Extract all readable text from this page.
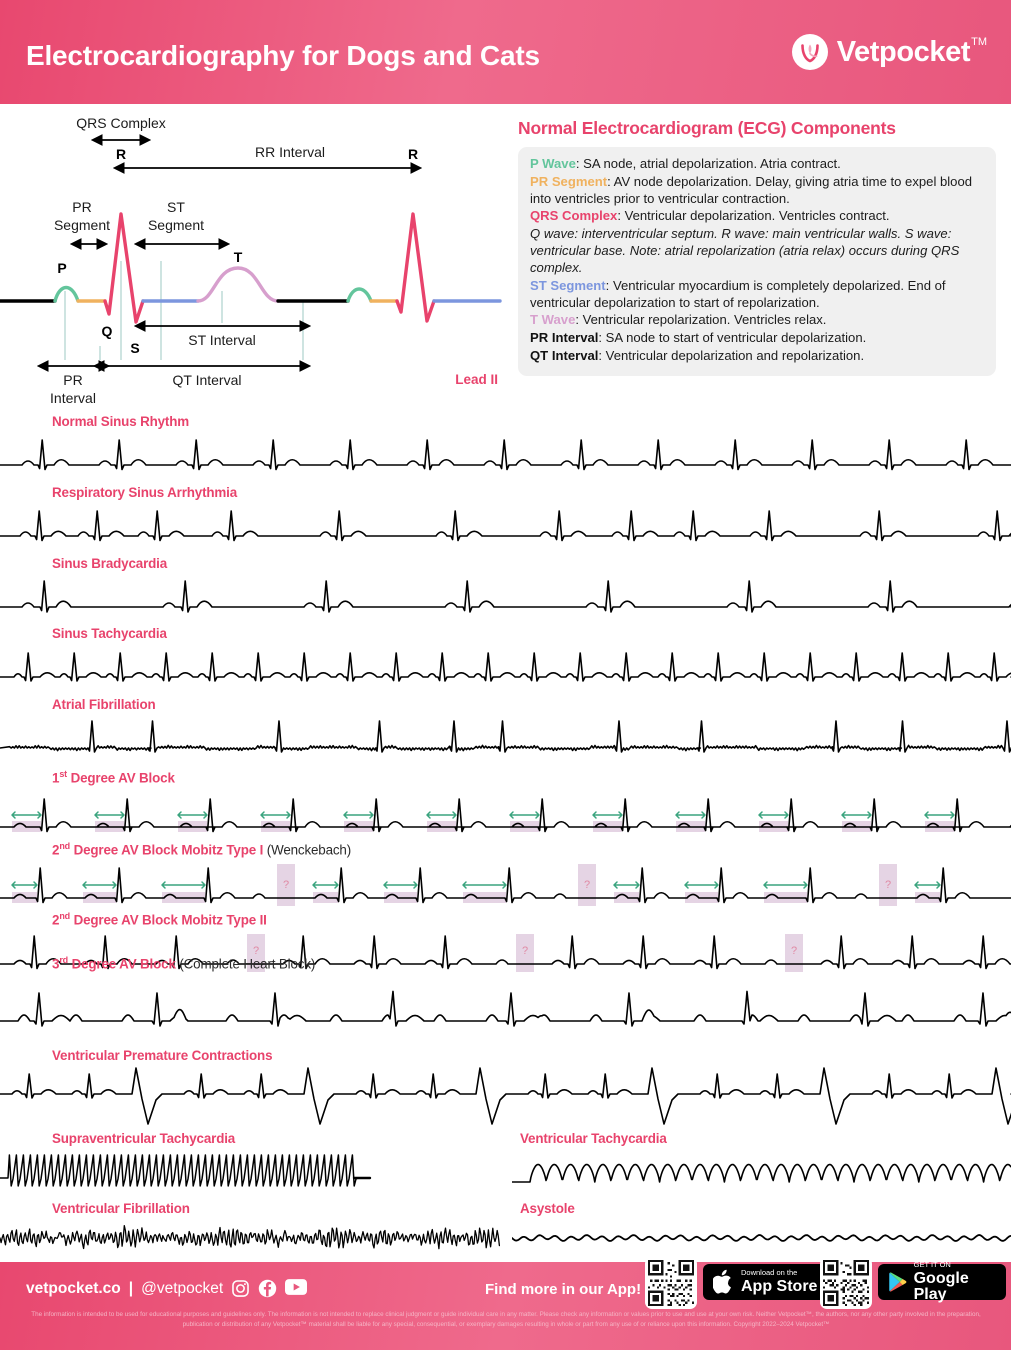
Electrocardiography for Dogs and Cats	Vetpocket TM
QRS Complex
R	R
RR Interval
PR
Segment
ST
Segment
P
Q
S
T
ST Interval
QT Interval
PR
Interval
Lead II
Normal Electrocardiogram (ECG) Components

P Wave: SA node, atrial depolarization. Atria contract.

PR Segment: AV node depolarization. Delay, giving atria time to expel blood into ventricles prior to ventricular contraction.

QRS Complex: Ventricular depolarization. Ventricles contract.

Q wave: interventricular septum. R wave: main ventricular walls. S wave: ventricular base. Note: atrial repolarization (atria relax) occurs during QRS complex.

ST Segment: Ventricular myocardium is completely depolarized. End of ventricular depolarization to start of repolarization.

T Wave: Ventricular repolarization. Ventricles relax.

PR Interval: SA node to start of ventricular depolarization.

QT Interval: Ventricular depolarization and repolarization.

Normal Sinus Rhythm
Respiratory Sinus Arrhythmia
Sinus Bradycardia
Sinus Tachycardia
Atrial Fibrillation
1st Degree AV Block
2nd Degree AV Block Mobitz Type I (Wenckebach)
?	?	?
2nd Degree AV Block Mobitz Type II
?	?	?
3rd Degree AV Block (Complete Heart Block)
Ventricular Premature Contractions
Supraventricular Tachycardia	Ventricular Tachycardia
Ventricular Fibrillation	Asystole
vetpocket.co | @vetpocket	Find more in our App!
Download on the
App Store
GET IT ON
Google Play
The information is intended to be used for educational purposes and guidelines only. The information is not intended to replace clinical judgment or guide individual care in any matter. Please check any information or values prior to use and use at your own risk. Neither Vetpocket™, the authors, nor any other party involved in the preparation, publication or distribution of any Vetpocket™ material shall be liable for any special, consequential, or exemplary damages resulting in whole or part from any use of or reliance upon this information. Copyright 2022–2024 Vetpocket™
